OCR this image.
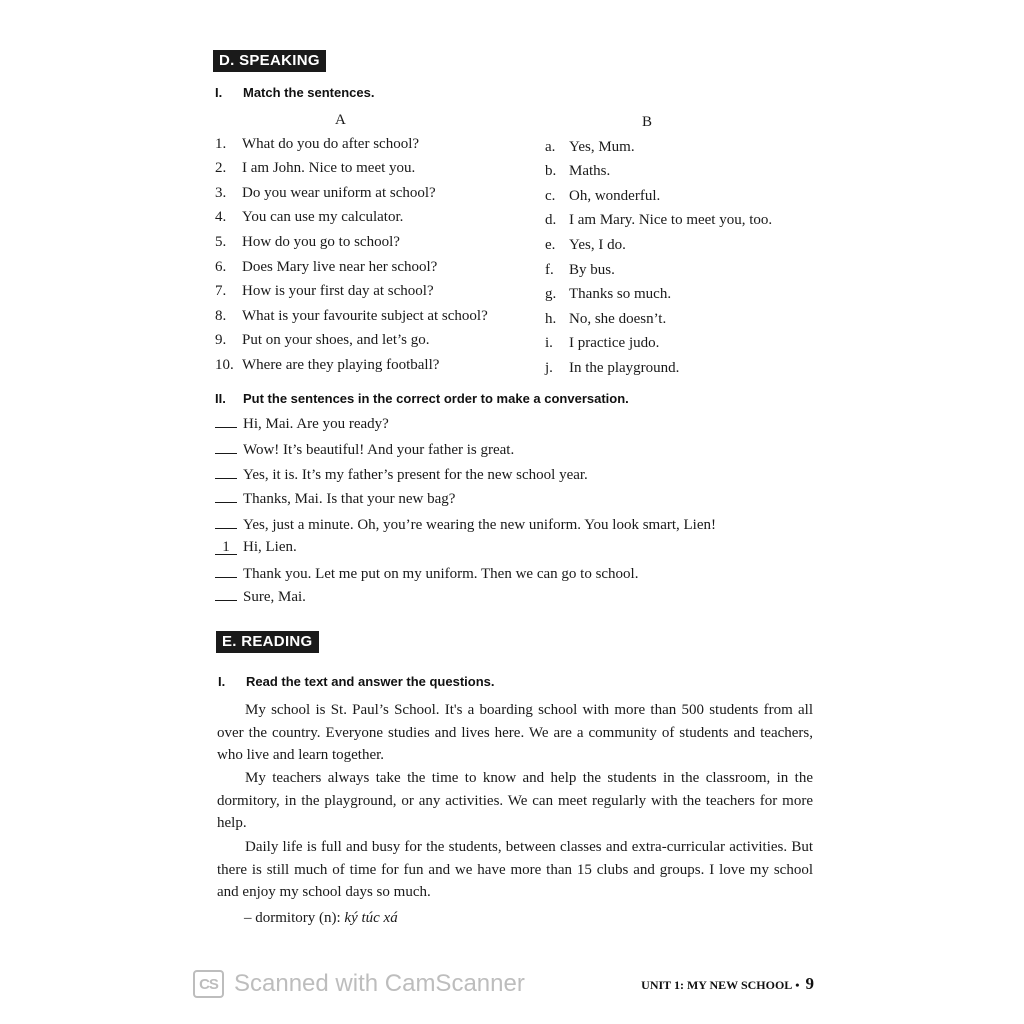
D. SPEAKING
I. Match the sentences.
A	B
1. What do you do after school?
2. I am John. Nice to meet you.
3. Do you wear uniform at school?
4. You can use my calculator.
5. How do you go to school?
6. Does Mary live near her school?
7. How is your first day at school?
8. What is your favourite subject at school?
9. Put on your shoes, and let’s go.
10. Where are they playing football?
a. Yes, Mum.
b. Maths.
c. Oh, wonderful.
d. I am Mary. Nice to meet you, too.
e. Yes, I do.
f. By bus.
g. Thanks so much.
h. No, she doesn’t.
i. I practice judo.
j. In the playground.
II. Put the sentences in the correct order to make a conversation.
Hi, Mai. Are you ready?
Wow! It’s beautiful! And your father is great.
Yes, it is. It’s my father’s present for the new school year.
Thanks, Mai. Is that your new bag?
Yes, just a minute. Oh, you’re wearing the new uniform. You look smart, Lien!
1 Hi, Lien.
Thank you. Let me put on my uniform. Then we can go to school.
Sure, Mai.
E. READING
I. Read the text and answer the questions.
My school is St. Paul’s School. It's a boarding school with more than 500 students from all over the country. Everyone studies and lives here. We are a community of students and teachers, who live and learn together.
My teachers always take the time to know and help the students in the classroom, in the dormitory, in the playground, or any activities. We can meet regularly with the teachers for more help.
Daily life is full and busy for the students, between classes and extra-curricular activities. But there is still much of time for fun and we have more than 15 clubs and groups. I love my school and enjoy my school days so much.
– dormitory (n): ký túc xá
CS Scanned with CamScanner	UNIT 1: MY NEW SCHOOL • 9
